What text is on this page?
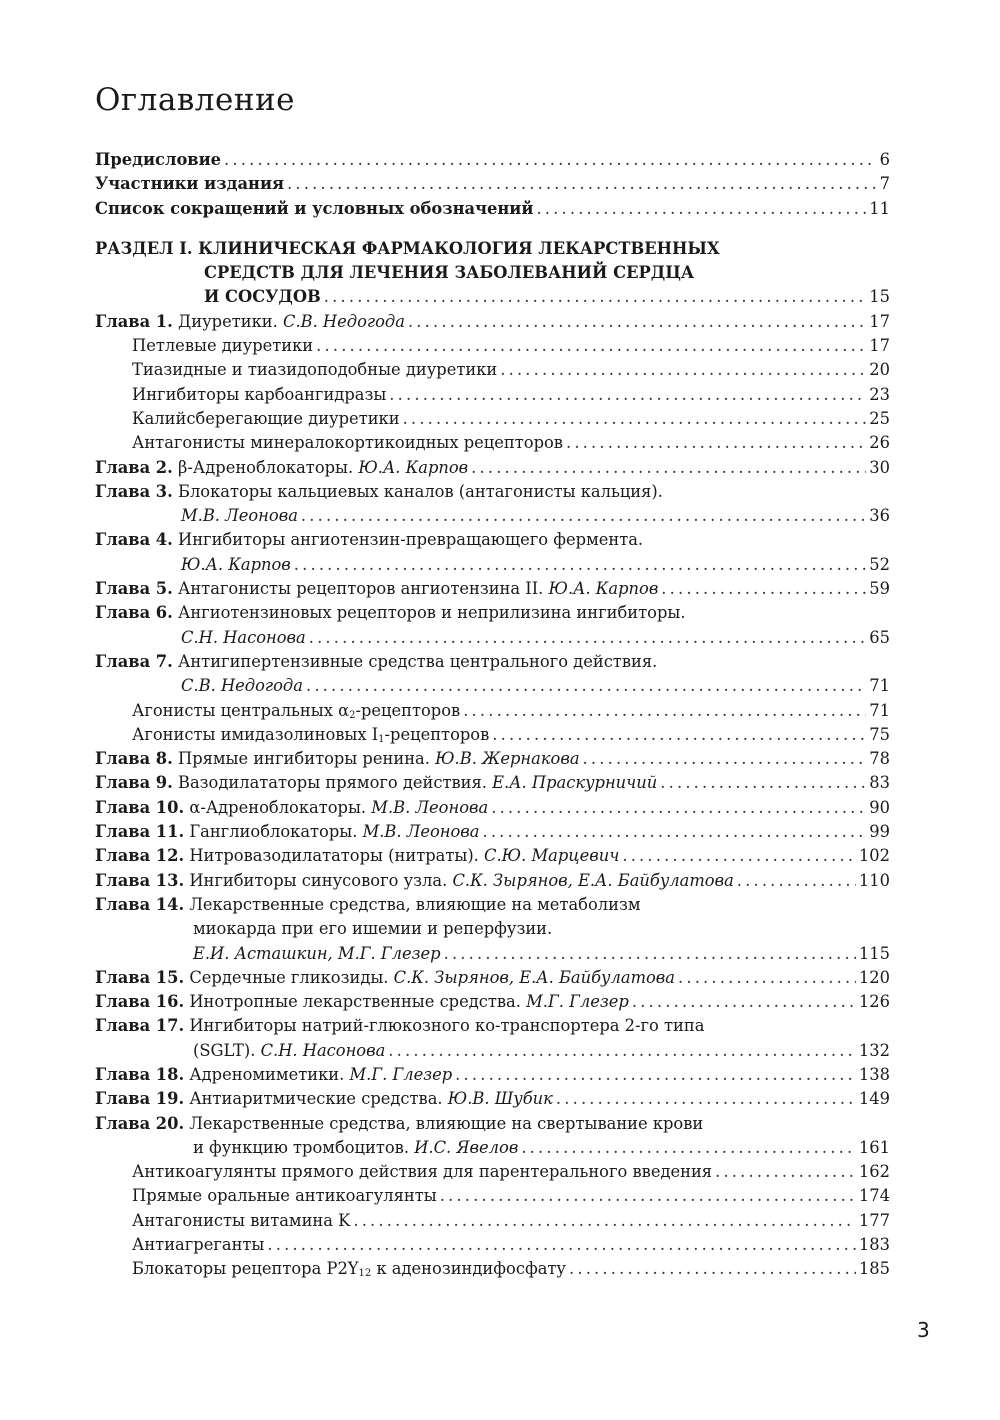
Оглавление
Предисловие . . .	6
Участники издания . . .	7
Список сокращений и условных обозначений . . .	11
РАЗДЕЛ I. КЛИНИЧЕСКАЯ ФАРМАКОЛОГИЯ ЛЕКАРСТВЕННЫХ
СРЕДСТВ ДЛЯ ЛЕЧЕНИЯ ЗАБОЛЕВАНИЙ СЕРДЦА
И СОСУДОВ . . .	15
Глава 1.
Диуретики.
С.В. Недогода . . .	17
Петлевые диуретики . . .	17
Тиазидные и тиазидоподобные диуретики . . .	20
Ингибиторы карбоангидразы . . .	23
Калийсберегающие диуретики . . .	25
Антагонисты минералокортикоидных рецепторов . . .	26
Глава 2.
β-Адреноблокаторы.
Ю.А. Карпов . . .	30
Глава 3. Блокаторы кальциевых каналов (антагонисты кальция).
М.В. Леонова . . .	36
Глава 4. Ингибиторы ангиотензин-превращающего фермента.
Ю.А. Карпов . . .	52
Глава 5.
Антагонисты рецепторов ангиотензина II.
Ю.А. Карпов . . .	59
Глава 6. Ангиотензиновых рецепторов и неприлизина ингибиторы.
С.Н. Насонова . . .	65
Глава 7. Антигипертензивные средства центрального действия.
С.В. Недогода . . .	71
Агонисты центральных $\alpha_2$-рецепторов . . .	71
Агонисты имидазолиновых $I_1$-рецепторов . . .	75
Глава 8.
Прямые ингибиторы ренина.
Ю.В. Жернакова . . .	78
Глава 9.
Вазодилататоры прямого действия.
Е.А. Праскурничий . . .	83
Глава 10.
α-Адреноблокаторы.
М.В. Леонова . . .	90
Глава 11.
Ганглиоблокаторы.
М.В. Леонова . . .	99
Глава 12.
Нитровазодилататоры (нитраты).
С.Ю. Марцевич . . .	102
Глава 13.
Ингибиторы синусового узла.
С.К. Зырянов, Е.А. Байбулатова . . .	110
Глава 14. Лекарственные средства, влияющие на метаболизм
миокарда при его ишемии и реперфузии.
Е.И. Асташкин, М.Г. Глезер . . .	115
Глава 15.
Сердечные гликозиды.
С.К. Зырянов, Е.А. Байбулатова . . .	120
Глава 16.
Инотропные лекарственные средства.
М.Г. Глезер . . .	126
Глава 17. Ингибиторы натрий-глюкозного ко-транспортера 2-го типа
(SGLT).
С.Н. Насонова . . .	132
Глава 18.
Адреномиметики.
М.Г. Глезер . . .	138
Глава 19.
Антиаритмические средства.
Ю.В. Шубик . . .	149
Глава 20. Лекарственные средства, влияющие на свертывание крови
и функцию тромбоцитов.
И.С. Явелов . . .	161
Антикоагулянты прямого действия для парентерального введения . . .	162
Прямые оральные антикоагулянты . . .	174
Антагонисты витамина K . . .	177
Антиагреганты . . .	183
Блокаторы рецептора $P2Y_{12}$ к аденозиндифосфату . . .	185
3
